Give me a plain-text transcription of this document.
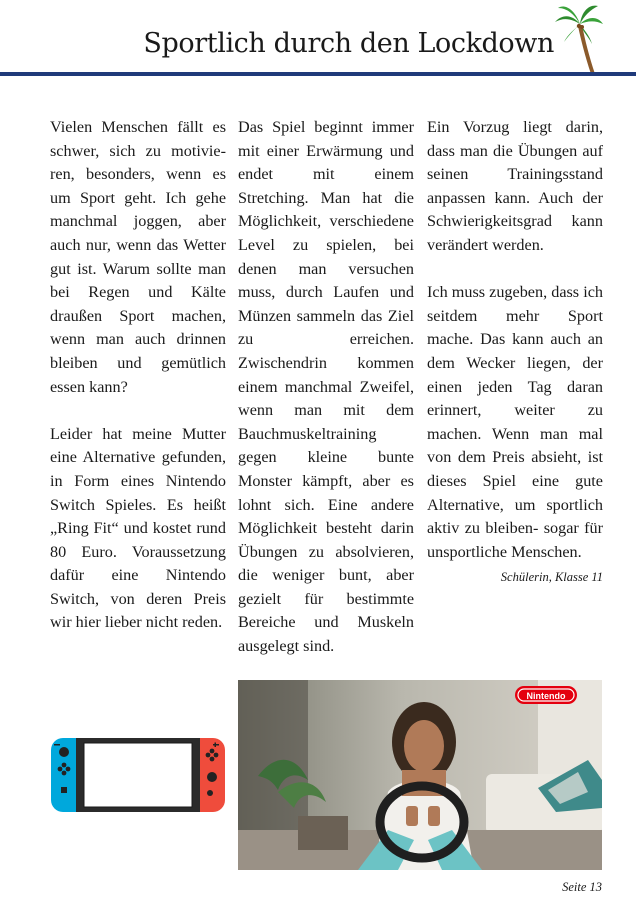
Sportlich durch den Lockdown

Vielen Menschen fällt es schwer, sich zu motivieren, besonders, wenn es um Sport geht. Ich gehe manchmal joggen, aber auch nur, wenn das Wetter gut ist. Warum sollte man bei Regen und Kälte draußen Sport machen, wenn man auch drinnen bleiben und gemütlich essen kann?

Leider hat meine Mutter eine Alternative gefunden, in Form eines Nintendo Switch Spieles. Es heißt „Ring Fit“ und kostet rund 80 Euro. Voraussetzung dafür eine Nintendo Switch, von deren Preis wir hier lieber nicht reden.

Das Spiel beginnt immer mit einer Erwärmung und endet mit einem Stretching. Man hat die Möglichkeit, verschiedene Level zu spielen, bei denen man versuchen muss, durch Laufen und Münzen sammeln das Ziel zu erreichen. Zwischendrin kommen einem manchmal Zweifel, wenn man mit dem Bauchmuskeltraining gegen kleine bunte Monster kämpft, aber es lohnt sich. Eine andere Möglichkeit besteht darin Übungen zu absolvieren, die weniger bunt, aber gezielt für bestimmte Bereiche und Muskeln ausgelegt sind.

Ein Vorzug liegt darin, dass man die Übungen auf seinen Trainingsstand anpassen kann. Auch der Schwierigkeitsgrad kann verändert werden.

Ich muss zugeben, dass ich seitdem mehr Sport mache. Das kann auch an dem Wecker liegen, der einen jeden Tag daran erinnert, weiter zu machen. Wenn man mal von dem Preis absieht, ist dieses Spiel eine gute Alternative, um sportlich aktiv zu bleiben- sogar für unsportliche Menschen.

Schülerin, Klasse 11
Nintendo
Seite 13
